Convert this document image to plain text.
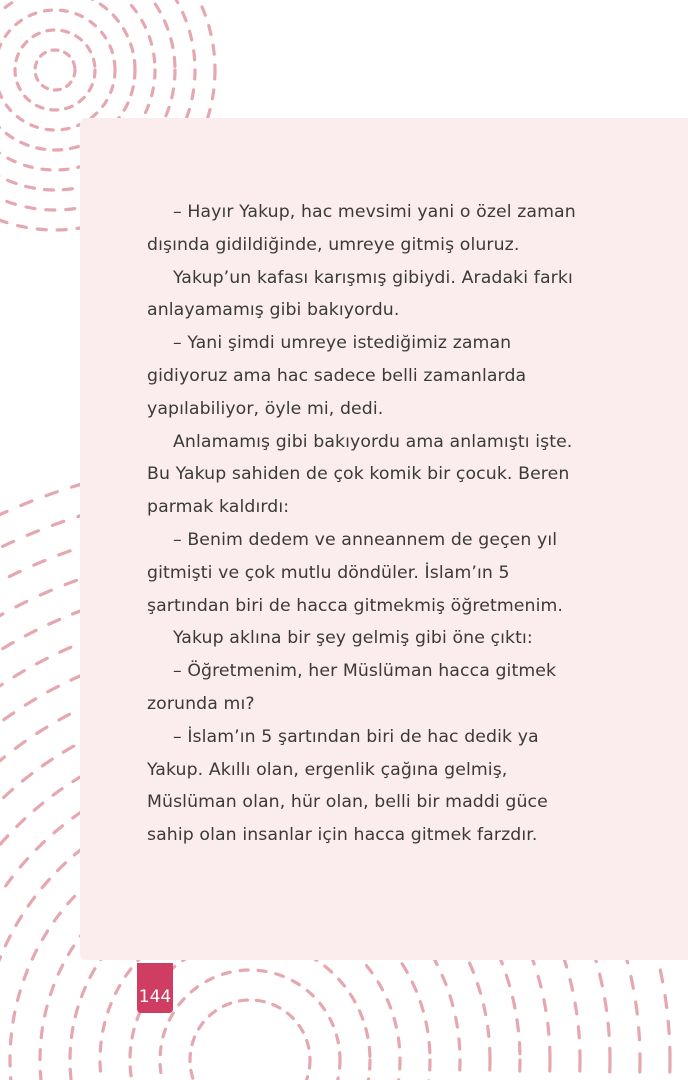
– Hayır Yakup, hac mevsimi yani o özel zaman dışında gidildiğinde, umreye gitmiş oluruz.

Yakup’un kafası karışmış gibiydi. Aradaki farkı anlayamamış gibi bakıyordu.

– Yani şimdi umreye istediğimiz zaman gidiyoruz ama hac sadece belli zamanlarda yapılabiliyor, öyle mi, dedi.

Anlamamış gibi bakıyordu ama anlamıştı işte. Bu Yakup sahiden de çok komik bir çocuk. Beren parmak kaldırdı:

– Benim dedem ve anneannem de geçen yıl gitmişti ve çok mutlu döndüler. İslam’ın 5 şartından biri de hacca gitmekmiş öğretmenim.

Yakup aklına bir şey gelmiş gibi öne çıktı:

– Öğretmenim, her Müslüman hacca gitmek zorunda mı?

– İslam’ın 5 şartından biri de hac dedik ya Yakup. Akıllı olan, ergenlik çağına gelmiş, Müslüman olan, hür olan, belli bir maddi güce sahip olan insanlar için hacca gitmek farzdır.

144
